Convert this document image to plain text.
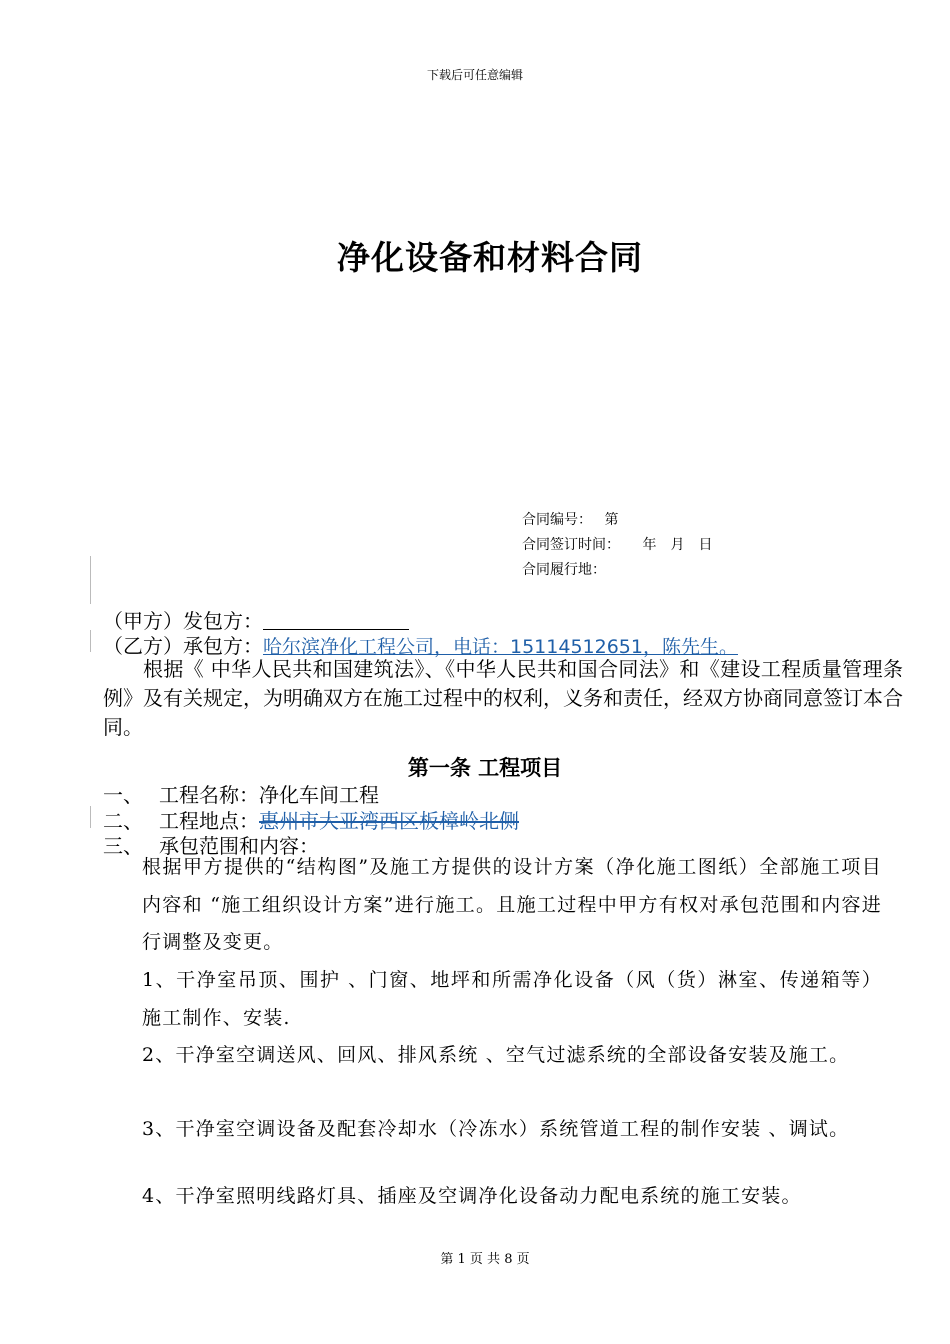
下载后可任意编辑
净化设备和材料合同
合同编号： 第
合同签订时间： 年　月　日
合同履行地：
（甲方）发包方：
（乙方）承包方：哈尔滨净化工程公司，电话：15114512651，陈先生。
根据《 中华人民共和国建筑法》、《中华人民共和国合同法》和《建设工程质量管理条例》及有关规定，为明确双方在施工过程中的权利，义务和责任，经双方协商同意签订本合同。
第一条 工程项目
一、 工程名称：净化车间工程
二、 工程地点：惠州市大亚湾西区板樟岭北侧
三、 承包范围和内容：
根据甲方提供的“结构图”及施工方提供的设计方案（净化施工图纸）全部施工项目内容和 “施工组织设计方案”进行施工。且施工过程中甲方有权对承包范围和内容进行调整及变更。
1、干净室吊顶、围护 、门窗、地坪和所需净化设备（风（货）淋室、传递箱等）施工制作、安装.
2、干净室空调送风、回风、排风系统 、空气过滤系统的全部设备安装及施工。
3、干净室空调设备及配套冷却水（冷冻水）系统管道工程的制作安装 、调试。
4、干净室照明线路灯具、插座及空调净化设备动力配电系统的施工安装。
第 1 页 共 8 页
